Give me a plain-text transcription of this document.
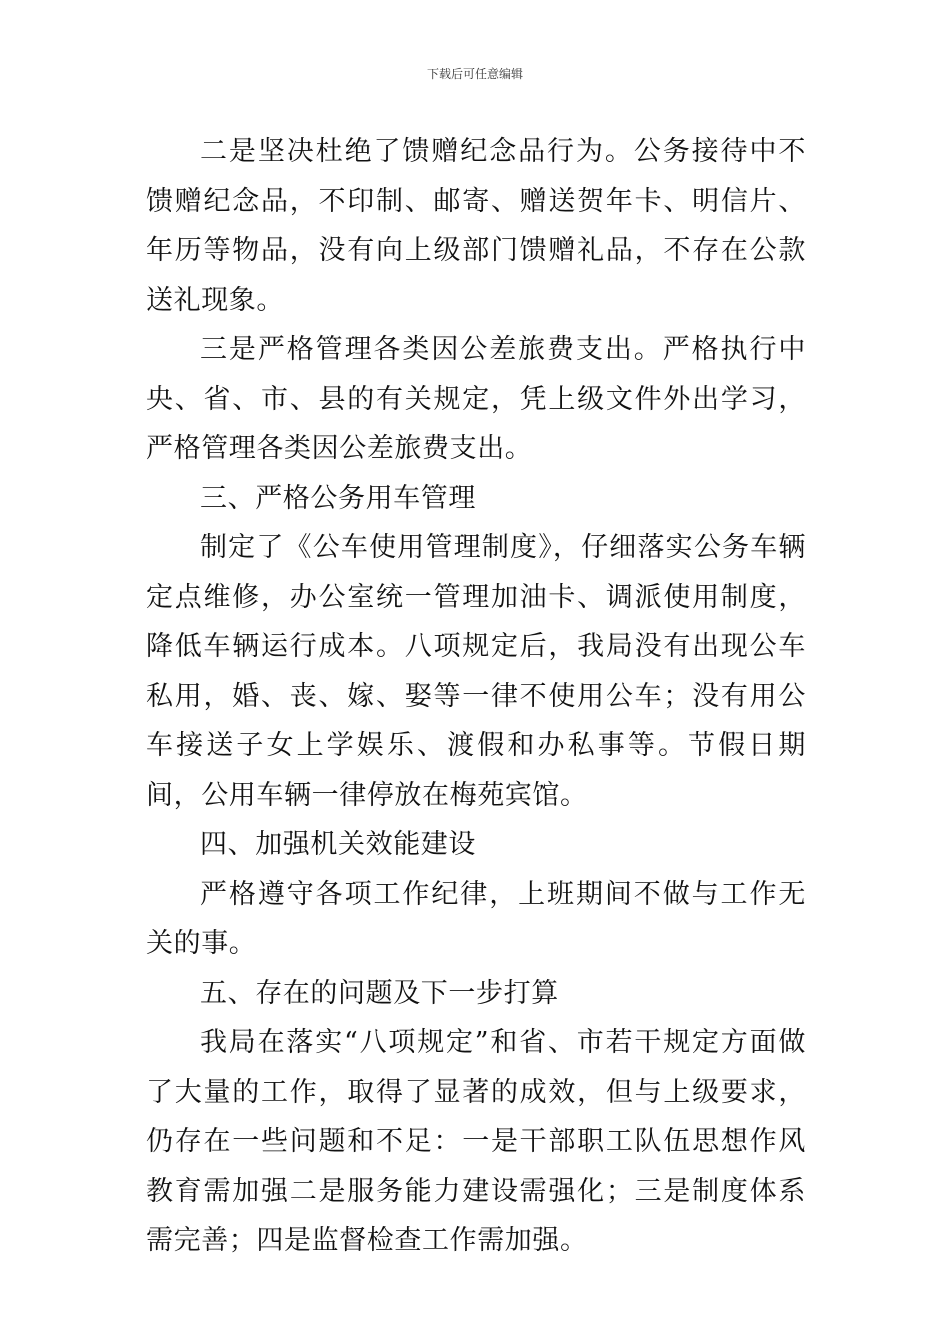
下载后可任意编辑

二是坚决杜绝了馈赠纪念品行为。公务接待中不馈赠纪念品，不印制、邮寄、赠送贺年卡、明信片、年历等物品，没有向上级部门馈赠礼品，不存在公款送礼现象。

三是严格管理各类因公差旅费支出。严格执行中央、省、市、县的有关规定，凭上级文件外出学习，严格管理各类因公差旅费支出。

三、严格公务用车管理

制定了《公车使用管理制度》，仔细落实公务车辆定点维修，办公室统一管理加油卡、调派使用制度，降低车辆运行成本。八项规定后，我局没有出现公车私用，婚、丧、嫁、娶等一律不使用公车；没有用公车接送子女上学娱乐、渡假和办私事等。节假日期间，公用车辆一律停放在梅苑宾馆。

四、加强机关效能建设

严格遵守各项工作纪律，上班期间不做与工作无关的事。

五、存在的问题及下一步打算

我局在落实“八项规定”和省、市若干规定方面做了大量的工作，取得了显著的成效，但与上级要求，仍存在一些问题和不足：一是干部职工队伍思想作风教育需加强二是服务能力建设需强化；三是制度体系需完善；四是监督检查工作需加强。
